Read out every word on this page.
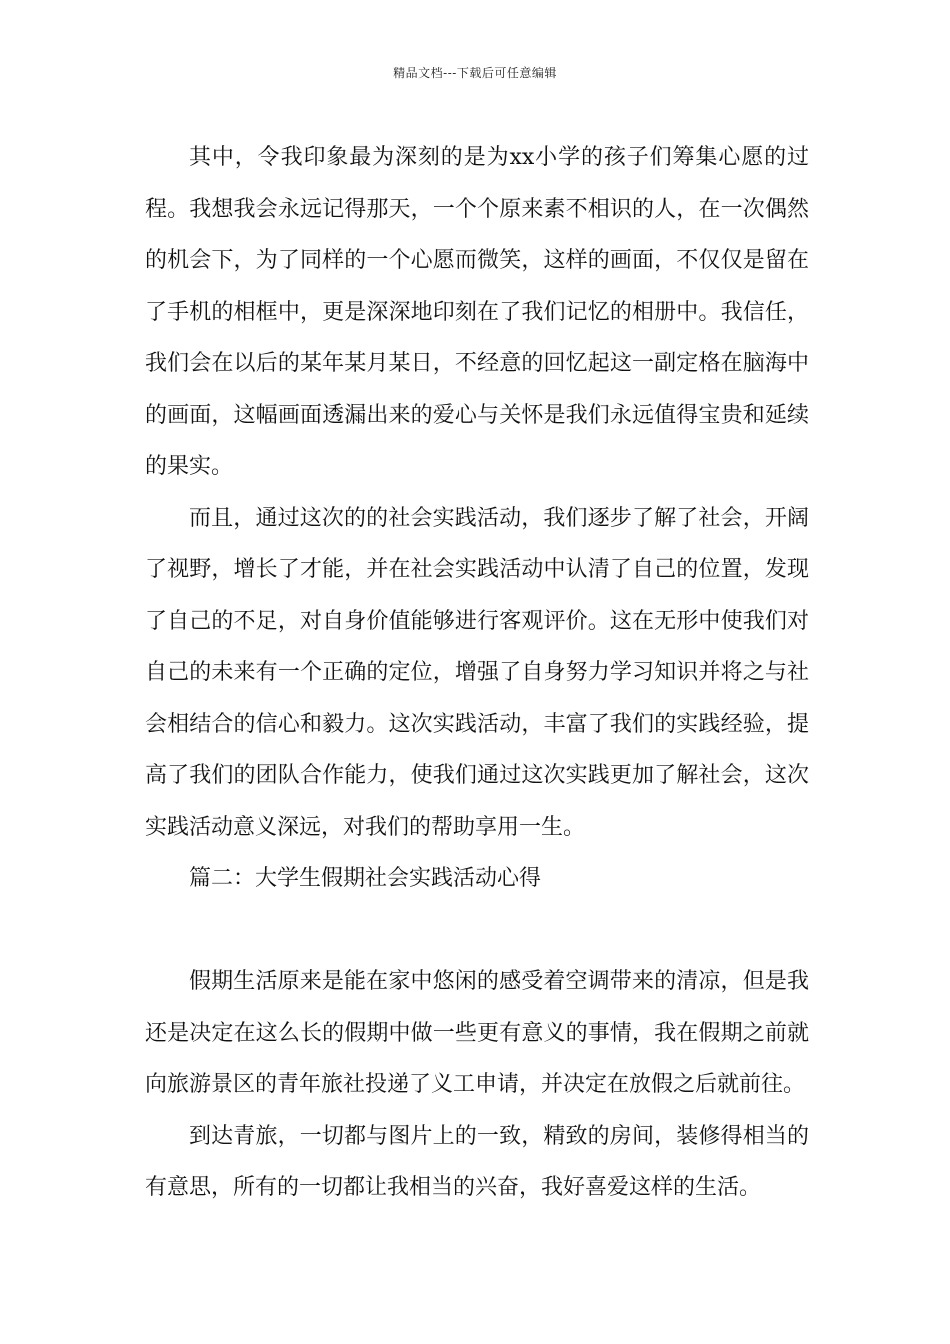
精品文档---下载后可任意编辑

其中，令我印象最为深刻的是为xx小学的孩子们筹集心愿的过程。我想我会永远记得那天，一个个原来素不相识的人，在一次偶然的机会下，为了同样的一个心愿而微笑，这样的画面，不仅仅是留在了手机的相框中，更是深深地印刻在了我们记忆的相册中。我信任，我们会在以后的某年某月某日，不经意的回忆起这一副定格在脑海中的画面，这幅画面透漏出来的爱心与关怀是我们永远值得宝贵和延续的果实。

而且，通过这次的的社会实践活动，我们逐步了解了社会，开阔了视野，增长了才能，并在社会实践活动中认清了自己的位置，发现了自己的不足，对自身价值能够进行客观评价。这在无形中使我们对自己的未来有一个正确的定位，增强了自身努力学习知识并将之与社会相结合的信心和毅力。这次实践活动，丰富了我们的实践经验，提高了我们的团队合作能力，使我们通过这次实践更加了解社会，这次实践活动意义深远，对我们的帮助享用一生。

篇二：大学生假期社会实践活动心得

假期生活原来是能在家中悠闲的感受着空调带来的清凉，但是我还是决定在这么长的假期中做一些更有意义的事情，我在假期之前就向旅游景区的青年旅社投递了义工申请，并决定在放假之后就前往。

到达青旅，一切都与图片上的一致，精致的房间，装修得相当的有意思，所有的一切都让我相当的兴奋，我好喜爱这样的生活。
